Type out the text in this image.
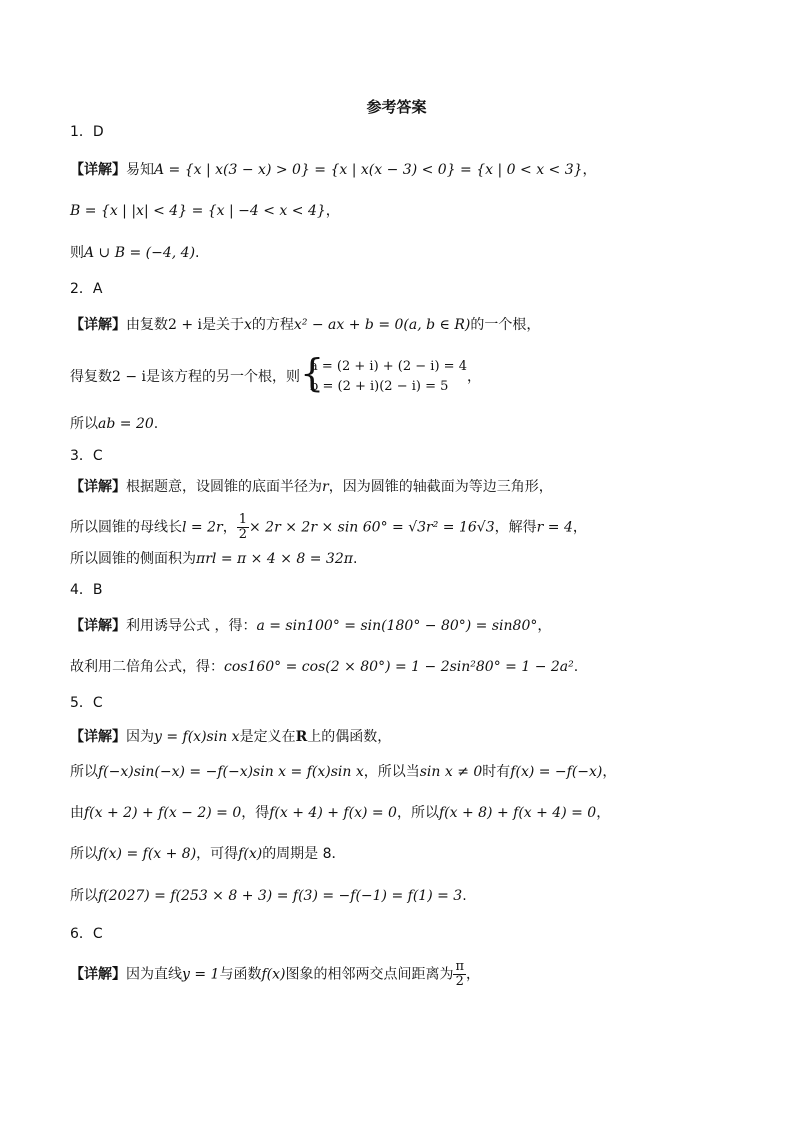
参考答案
1．D
【详解】易知A = {x | x(3 − x) > 0} = {x | x(x − 3) < 0} = {x | 0 < x < 3}，
B = {x | |x| < 4} = {x | −4 < x < 4}，
则A ∪ B = (−4, 4).
2．A
【详解】由复数2 + i是关于x的方程x² − ax + b = 0(a, b ∈ R)的一个根，
得复数2 − i是该方程的另一个根，则 {
a = (2 + i) + (2 − i) = 4
b = (2 + i)(2 − i) = 5
，
所以ab = 20.
3．C
【详解】根据题意，设圆锥的底面半径为r，因为圆锥的轴截面为等边三角形，
所以圆锥的母线长l = 2r， $\frac{1}{2} \times 2r \times 2r \times \sin 60^\circ = √3r^2 = 16√3$，解得r = 4，
所以圆锥的侧面积为πrl = π × 4 × 8 = 32π.
4．B
【详解】利用诱导公式 ，得：a = sin100° = sin(180° − 80°) = sin80°，
故利用二倍角公式，得：cos160° = cos(2 × 80°) = 1 − 2sin²80° = 1 − 2a².
5．C
【详解】因为y = f(x)sin x是定义在R上的偶函数，
所以f(−x)sin(−x) = −f(−x)sin x = f(x)sin x，所以当sin x ≠ 0时有f(x) = −f(−x)，
由f(x + 2) + f(x − 2) = 0，得f(x + 4) + f(x) = 0，所以f(x + 8) + f(x + 4) = 0，
所以f(x) = f(x + 8)，可得f(x)的周期是 8．
所以f(2027) = f(253 × 8 + 3) = f(3) = −f(−1) = f(1) = 3.
6．C
【详解】因为直线y = 1与函数f(x)图象的相邻两交点间距离为 $\frac{\pi}{2}$ ，
